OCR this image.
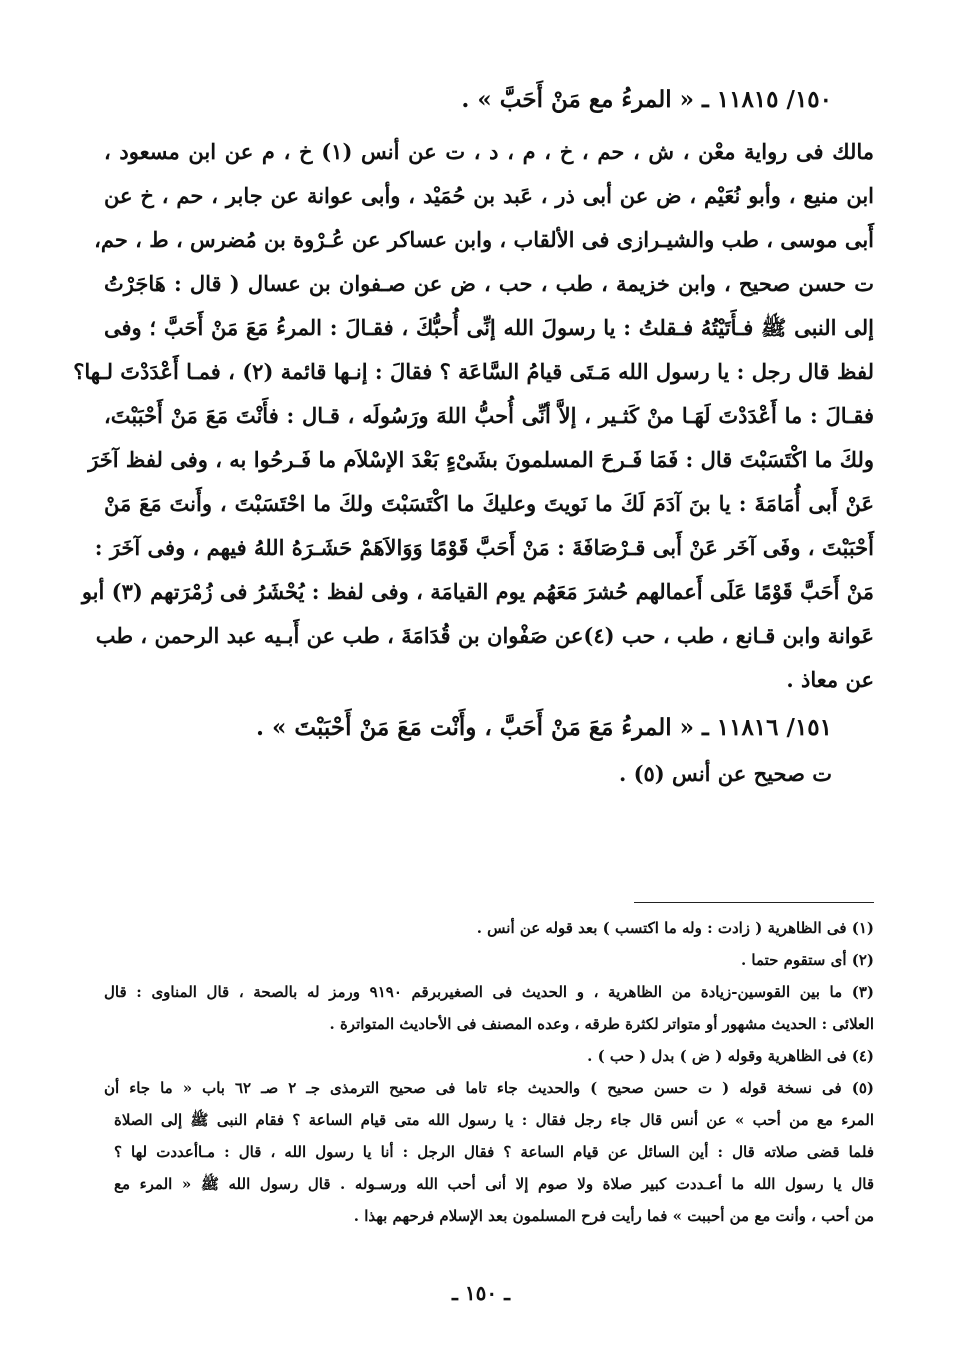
١٥٠/ ١١٨١٥ ـ « المرءُ مع مَنْ أَحَبَّ » .
مالك فى رواية معْن ، ش ، حم ، خ ، م ، د ، ت عن أنس (١) خ ، م عن ابن مسعود ،
ابن منيع ، وأبو نُعَيْم ، ض عن أبى ذر ، عَبد بن حُمَيْد ، وأبى عوانة عن جابر ، حم ، خ عن
أَبى موسى ، طب والشيـرازى فى الألقاب ، وابن عساكر عن عُـرْوة بن مُضرس ، ط ، حم،
ت حسن صحيح ، وابن خزيمة ، طب ، حب ، ض عن صـفوان بن عسال ( قال : هَاجَرْتُ
إلى النبى ﷺ فـأَتَيْتُهُ فـقلتُ : يا رسولَ الله إنِّى أُحبُّكَ ، فقـالَ : المرءُ مَعَ مَنْ أَحَبَّ ؛ وفى
لفظ قال رجل : يا رسول الله مَـتَى قيامُ السَّاعَة ؟ فقالَ : إنـها قائمة (٢) ، فمـا أَعْدَدْتَ لـها؟
فقـالَ : ما أَعْدَدْتَ لَهَـا منْ كَثـير ، إلاَّ أنِّى أُحبُّ اللهَ ورَسُولَه ، قـال : فأَنْتَ مَعَ مَنْ أَحْبَبْتَ،
ولكَ ما اكْتَسَبْتَ قال : فَمَا فَـرحَ المسلمونَ بشَىْءٍ بَعْدَ الإسْلاَم ما فَـرحُوا به ، وفى لفظ آخَرَ
عَنْ أَبى أُمَامَةَ : يا بنَ آدَمَ لَكَ ما نَويتَ وعليكَ ما اكْتَسَبْتَ ولكَ ما احْتَسَبْتَ ، وأَنتَ مَعَ مَنْ
أَحْبَبْتَ ، وفَى آخَر عَنْ أَبى قـرْصَافَةَ : مَنْ أَحَبَّ قَوْمًا وَوَالاَهَمْ حَشَـرَهُ اللهُ فيهم ، وفى آخَرَ :
مَنْ أَحَبَّ قَوْمًا عَلَى أَعمالهم حُشرَ مَعَهُم يوم القيامَة ، وفى لفظ : يُحْشَرُ فى زُمْرَتهم (٣) أبو
عَوانة وابن قـانع ، طب ، حب (٤)عن صَفْوان بن قُدَامَةَ ، طب عن أَبـيه عبد الرحمن ، طب
عن معاذ .
١٥١/ ١١٨١٦ ـ « المرءُ مَعَ مَنْ أَحَبَّ ، وأَنْت مَعَ مَنْ أَحْبَبْتَ » .
ت صحيح عن أنس (٥) .
(١) فى الظاهرية ( زادت : وله ما اكتسب ) بعد قوله عن أنس .
(٢) أى ستقوم حتما .
(٣) ما بين القوسين-زيادة من الظاهرية ، و الحديث فى الصغيربرقم ٩١٩٠ ورمز له بالصحة ، قال المناوى : قال
العلائى : الحديث مشهور أو متواتر لكثرة طرقه ، وعده المصنف فى الأحاديث المتواترة .
(٤) فى الظاهرية وقوله ( ض ) بدل ( حب ) .
(٥) فى نسخة قوله ( ت حسن صحيح ) والحديث جاء تاما فى صحيح الترمذى جـ ٢ صـ ٦٢ باب « ما جاء أن
المرء مع من أحب » عن أنس قال جاء رجل فقال : يا رسول الله متى قيام الساعة ؟ فقام النبى ﷺ إلى الصلاة
فلما قضى صلاته قال : أين السائل عن قيام الساعة ؟ فقال الرجل : أنا يا رسول الله ، قال : مـاأعددت لها ؟
قال يا رسول الله ما أعـددت كبير صلاة ولا صوم إلا أنى أحب الله ورسـوله . قال رسول الله ﷺ « المرء مع
من أحب ، وأنت مع من أحببت » فما رأيت فرح المسلمون بعد الإسلام فرحهم بهذا .
ـ ١٥٠ ـ
